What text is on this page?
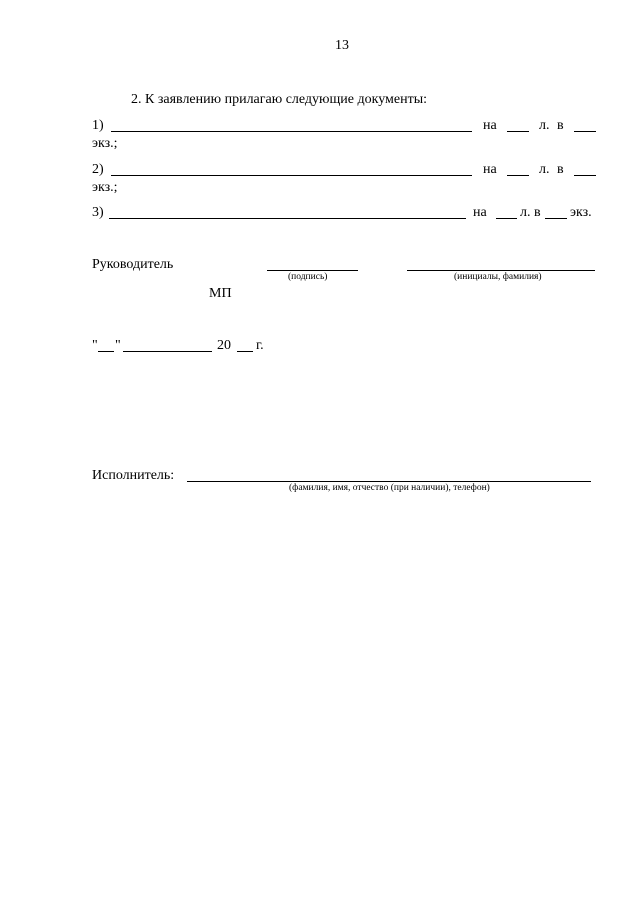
13
2. К заявлению прилагаю следующие документы:
1)	на	л. в
экз.;
2)	на	л. в
экз.;
3)	на л. в экз.
Руководитель
(подпись)	(инициалы, фамилия)
МП
" "	20 г.
Исполнитель:
(фамилия, имя, отчество (при наличии), телефон)
